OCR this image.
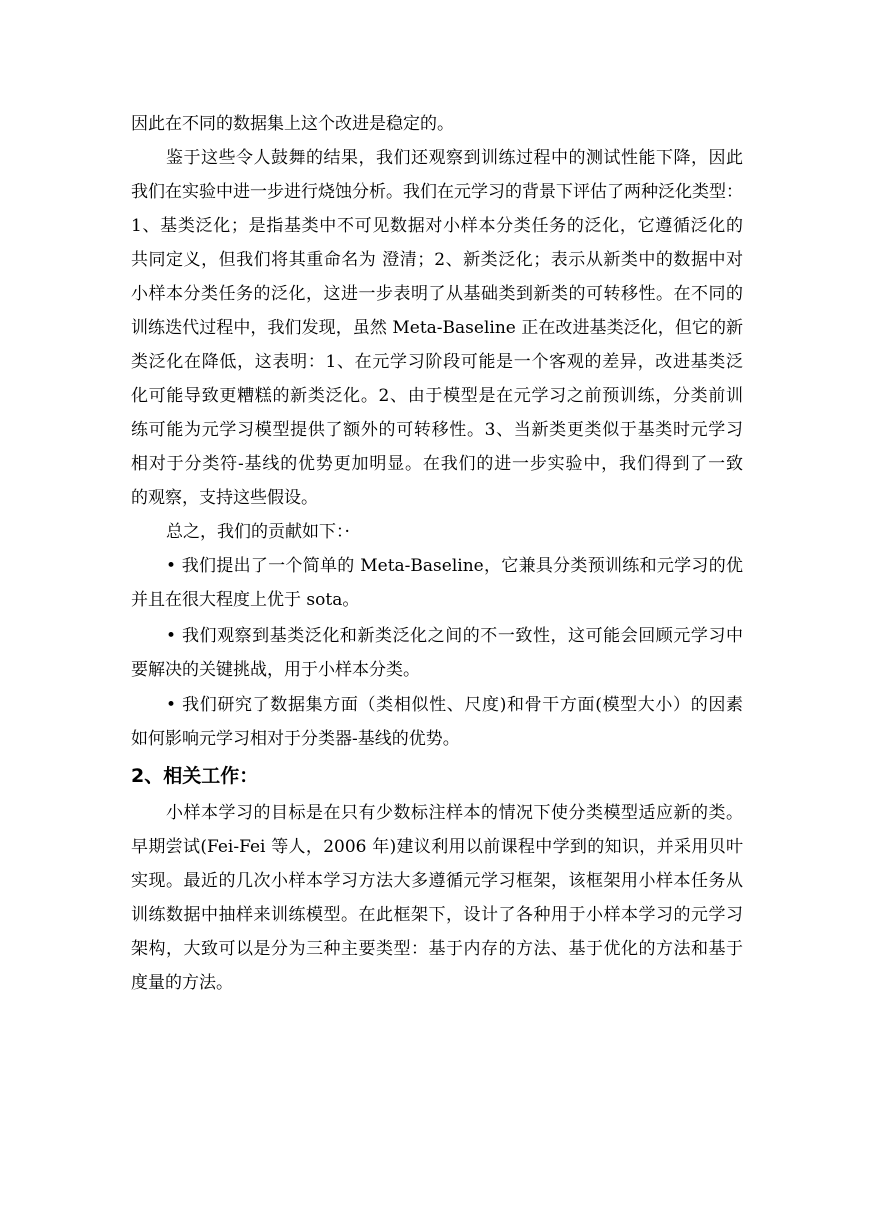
因此在不同的数据集上这个改进是稳定的。
鉴于这些令人鼓舞的结果，我们还观察到训练过程中的测试性能下降，因此
我们在实验中进一步进行烧蚀分析。我们在元学习的背景下评估了两种泛化类型：
1、基类泛化；是指基类中不可见数据对小样本分类任务的泛化，它遵循泛化的
共同定义，但我们将其重命名为 澄清；2、新类泛化；表示从新类中的数据中对
小样本分类任务的泛化，这进一步表明了从基础类到新类的可转移性。在不同的
训练迭代过程中，我们发现，虽然 Meta-Baseline 正在改进基类泛化，但它的新
类泛化在降低，这表明：1、在元学习阶段可能是一个客观的差异，改进基类泛
化可能导致更糟糕的新类泛化。2、由于模型是在元学习之前预训练，分类前训
练可能为元学习模型提供了额外的可转移性。3、当新类更类似于基类时元学习
相对于分类符-基线的优势更加明显。在我们的进一步实验中，我们得到了一致
的观察，支持这些假设。
总之，我们的贡献如下：·
• 我们提出了一个简单的 Meta-Baseline，它兼具分类预训练和元学习的优
并且在很大程度上优于 sota。
• 我们观察到基类泛化和新类泛化之间的不一致性，这可能会回顾元学习中
要解决的关键挑战，用于小样本分类。
• 我们研究了数据集方面（类相似性、尺度)和骨干方面(模型大小）的因素
如何影响元学习相对于分类器-基线的优势。
2、相关工作：
小样本学习的目标是在只有少数标注样本的情况下使分类模型适应新的类。
早期尝试(Fei-Fei 等人，2006 年)建议利用以前课程中学到的知识，并采用贝叶
实现。最近的几次小样本学习方法大多遵循元学习框架，该框架用小样本任务从
训练数据中抽样来训练模型。在此框架下，设计了各种用于小样本学习的元学习
架构，大致可以是分为三种主要类型：基于内存的方法、基于优化的方法和基于
度量的方法。
